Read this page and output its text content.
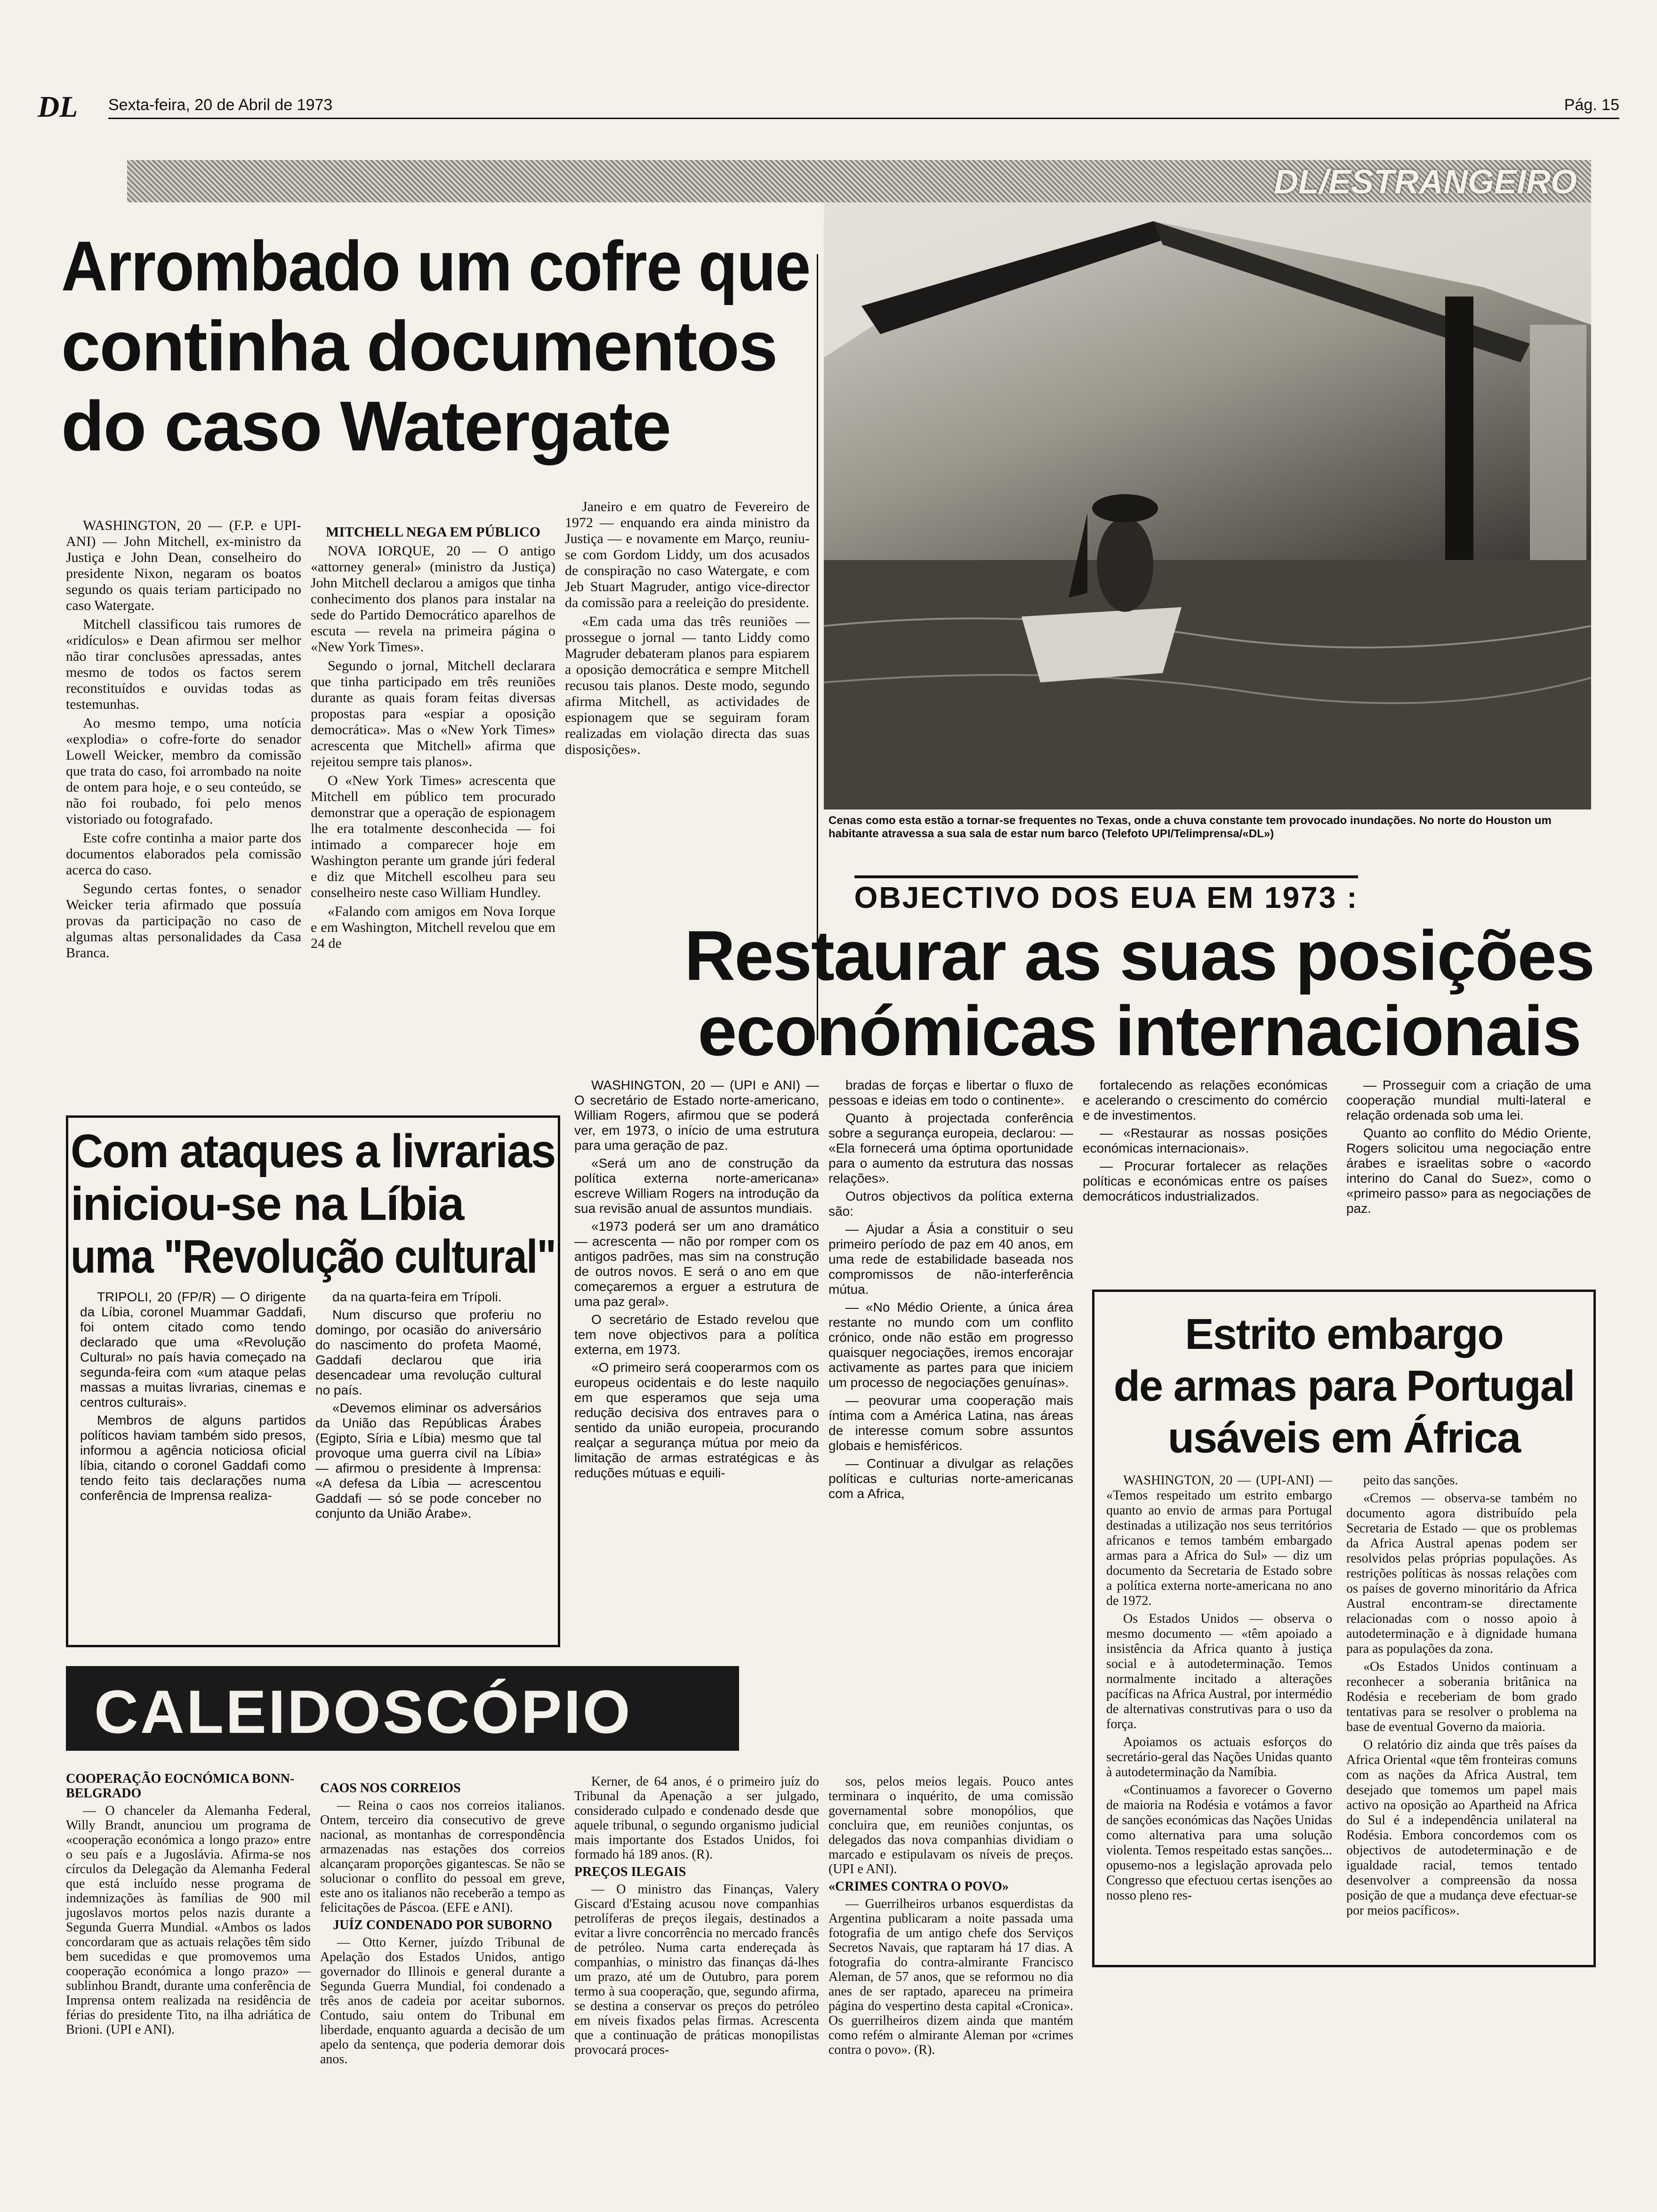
DL Sexta-feira, 20 de Abril de 1973	Pág. 15
DL/ESTRANGEIRO
Arrombado um cofre que continha documentos do caso Watergate

WASHINGTON, 20 — (F.P. e UPI-ANI) — John Mitchell, ex-ministro da Justiça e John Dean, conselheiro do presidente Nixon, negaram os boatos segundo os quais teriam participado no caso Watergate.

Mitchell classificou tais rumores de «ridículos» e Dean afirmou ser melhor não tirar conclusões apressadas, antes mesmo de todos os factos serem reconstituídos e ouvidas todas as testemunhas.

Ao mesmo tempo, uma notícia «explodia» o cofre-forte do senador Lowell Weicker, membro da comissão que trata do caso, foi arrombado na noite de ontem para hoje, e o seu conteúdo, se não foi roubado, foi pelo menos vistoriado ou fotografado.

Este cofre continha a maior parte dos documentos elaborados pela comissão acerca do caso.

Segundo certas fontes, o senador Weicker teria afirmado que possuía provas da participação no caso de algumas altas personalidades da Casa Branca.

MITCHELL NEGA EM PÚBLICO

NOVA IORQUE, 20 — O antigo «attorney general» (ministro da Justiça) John Mitchell declarou a amigos que tinha conhecimento dos planos para instalar na sede do Partido Democrático aparelhos de escuta — revela na primeira página o «New York Times».

Segundo o jornal, Mitchell declarara que tinha participado em três reuniões durante as quais foram feitas diversas propostas para «espiar a oposição democrática». Mas o «New York Times» acrescenta que Mitchell» afirma que rejeitou sempre tais planos».

O «New York Times» acrescenta que Mitchell em público tem procurado demonstrar que a operação de espionagem lhe era totalmente desconhecida — foi intimado a comparecer hoje em Washington perante um grande júri federal e diz que Mitchell escolheu para seu conselheiro neste caso William Hundley.

«Falando com amigos em Nova Iorque e em Washington, Mitchell revelou que em 24 de

Janeiro e em quatro de Fevereiro de 1972 — enquando era ainda ministro da Justiça — e novamente em Março, reuniu-se com Gordom Liddy, um dos acusados de conspiração no caso Watergate, e com Jeb Stuart Magruder, antigo vice-director da comissão para a reeleição do presidente.

«Em cada uma das três reuniões — prossegue o jornal — tanto Liddy como Magruder debateram planos para espiarem a oposição democrática e sempre Mitchell recusou tais planos. Deste modo, segundo afirma Mitchell, as actividades de espionagem que se seguiram foram realizadas em violação directa das suas disposições».

Cenas como esta estão a tornar-se frequentes no Texas, onde a chuva constante tem provocado inundações. No norte do Houston um habitante atravessa a sua sala de estar num barco (Telefoto UPI/Telimprensa/«DL»)
OBJECTIVO DOS EUA EM 1973 :
Restaurar as suas posições económicas internacionais

WASHINGTON, 20 — (UPI e ANI) — O secretário de Estado norte-americano, William Rogers, afirmou que se poderá ver, em 1973, o início de uma estrutura para uma geração de paz.

«Será um ano de construção da política externa norte-americana» escreve William Rogers na introdução da sua revisão anual de assuntos mundiais.

«1973 poderá ser um ano dramático — acrescenta — não por romper com os antigos padrões, mas sim na construção de outros novos. E será o ano em que começaremos a erguer a estrutura de uma paz geral».

O secretário de Estado revelou que tem nove objectivos para a política externa, em 1973.

«O primeiro será cooperarmos com os europeus ocidentais e do leste naquilo em que esperamos que seja uma redução decisiva dos entraves para o sentido da união europeia, procurando realçar a segurança mútua por meio da limitação de armas estratégicas e às reduções mútuas e equili-

bradas de forças e libertar o fluxo de pessoas e ideias em todo o continente».

Quanto à projectada conferência sobre a segurança europeia, declarou: — «Ela fornecerá uma óptima oportunidade para o aumento da estrutura das nossas relações».

Outros objectivos da política externa são:

— Ajudar a Ásia a constituir o seu primeiro período de paz em 40 anos, em uma rede de estabilidade baseada nos compromissos de não-interferência mútua.

— «No Médio Oriente, a única área restante no mundo com um conflito crónico, onde não estão em progresso quaisquer negociações, iremos encorajar activamente as partes para que iniciem um processo de negociações genuínas».

— peovurar uma cooperação mais íntima com a América Latina, nas áreas de interesse comum sobre assuntos globais e hemisféricos.

— Continuar a divulgar as relações políticas e culturias norte-americanas com a Africa,

fortalecendo as relações económicas e acelerando o crescimento do comércio e de investimentos.

— «Restaurar as nossas posições económicas internacionais».

— Procurar fortalecer as relações políticas e económicas entre os países democráticos industrializados.

— Prosseguir com a criação de uma cooperação mundial multi-lateral e relação ordenada sob uma lei.

Quanto ao conflito do Médio Oriente, Rogers solicitou uma negociação entre árabes e israelitas sobre o «acordo interino do Canal do Suez», como o «primeiro passo» para as negociações de paz.

Com ataques a livrarias iniciou-se na Líbia uma "Revolução cultural"

TRIPOLI, 20 (FP/R) — O dirigente da Líbia, coronel Muammar Gaddafi, foi ontem citado como tendo declarado que uma «Revolução Cultural» no país havia começado na segunda-feira com «um ataque pelas massas a muitas livrarias, cinemas e centros culturais».

Membros de alguns partidos políticos haviam também sido presos, informou a agência noticiosa oficial líbia, citando o coronel Gaddafi como tendo feito tais declarações numa conferência de Imprensa realiza-

da na quarta-feira em Trípoli.

Num discurso que proferiu no domingo, por ocasião do aniversário do nascimento do profeta Maomé, Gaddafi declarou que iria desencadear uma revolução cultural no país.

«Devemos eliminar os adversários da União das Repúblicas Árabes (Egipto, Síria e Líbia) mesmo que tal provoque uma guerra civil na Líbia» — afirmou o presidente à Imprensa: «A defesa da Líbia — acrescentou Gaddafi — só se pode conceber no conjunto da União Árabe».

Estrito embargo de armas para Portugal usáveis em África

WASHINGTON, 20 — (UPI-ANI) — «Temos respeitado um estrito embargo quanto ao envio de armas para Portugal destinadas a utilização nos seus territórios africanos e temos também embargado armas para a Africa do Sul» — diz um documento da Secretaria de Estado sobre a política externa norte-americana no ano de 1972.

Os Estados Unidos — observa o mesmo documento — «têm apoiado a insistência da Africa quanto à justiça social e à autodeterminação. Temos normalmente incitado a alterações pacíficas na Africa Austral, por intermédio de alternativas construtivas para o uso da força.

Apoiamos os actuais esforços do secretário-geral das Nações Unidas quanto à autodeterminação da Namíbia.

«Continuamos a favorecer o Governo de maioria na Rodésia e votámos a favor de sanções económicas das Nações Unidas como alternativa para uma solução violenta. Temos respeitado estas sanções... opusemo-nos a legislação aprovada pelo Congresso que efectuou certas isenções ao nosso pleno res-

peito das sanções.

«Cremos — observa-se também no documento agora distribuído pela Secretaria de Estado — que os problemas da Africa Austral apenas podem ser resolvidos pelas próprias populações. As restrições políticas às nossas relações com os países de governo minoritário da Africa Austral encontram-se directamente relacionadas com o nosso apoio à autodeterminação e à dignidade humana para as populações da zona.

«Os Estados Unidos continuam a reconhecer a soberania britânica na Rodésia e receberiam de bom grado tentativas para se resolver o problema na base de eventual Governo da maioria.

O relatório diz ainda que três países da Africa Oriental «que têm fronteiras comuns com as nações da Africa Austral, tem desejado que tomemos um papel mais activo na oposição ao Apartheid na Africa do Sul é a independência unilateral na Rodésia. Embora concordemos com os objectivos de autodeterminação e de igualdade racial, temos tentado desenvolver a compreensão da nossa posição de que a mudança deve efectuar-se por meios pacíficos».

CALEIDOSCÓPIO

COOPERAÇÃO EOCNÓMICA BONN-BELGRADO

— O chanceler da Alemanha Federal, Willy Brandt, anunciou um programa de «cooperação económica a longo prazo» entre o seu país e a Jugoslávia. Afirma-se nos círculos da Delegação da Alemanha Federal que está incluído nesse programa de indemnizações às famílias de 900 mil jugoslavos mortos pelos nazis durante a Segunda Guerra Mundial. «Ambos os lados concordaram que as actuais relações têm sido bem sucedidas e que promovemos uma cooperação económica a longo prazo» — sublinhou Brandt, durante uma conferência de Imprensa ontem realizada na residência de férias do presidente Tito, na ilha adriática de Brioni. (UPI e ANI).

CAOS NOS CORREIOS

— Reina o caos nos correios italianos. Ontem, terceiro dia consecutivo de greve nacional, as montanhas de correspondência armazenadas nas estações dos correios alcançaram proporções gigantescas. Se não se solucionar o conflito do pessoal em greve, este ano os italianos não receberão a tempo as felicitações de Páscoa. (EFE e ANI).

JUÍZ CONDENADO POR SUBORNO

— Otto Kerner, juízdo Tribunal de Apelação dos Estados Unidos, antigo governador do Illinois e general durante a Segunda Guerra Mundial, foi condenado a três anos de cadeia por aceitar subornos. Contudo, saiu ontem do Tribunal em liberdade, enquanto aguarda a decisão de um apelo da sentença, que poderia demorar dois anos.

Kerner, de 64 anos, é o primeiro juíz do Tribunal da Apenação a ser julgado, considerado culpado e condenado desde que aquele tribunal, o segundo organismo judicial mais importante dos Estados Unidos, foi formado há 189 anos. (R).

PREÇOS ILEGAIS

— O ministro das Finanças, Valery Giscard d'Estaing acusou nove companhias petrolíferas de preços ilegais, destinados a evitar a livre concorrência no mercado francês de petróleo. Numa carta endereçada às companhias, o ministro das finanças dá-lhes um prazo, até um de Outubro, para porem termo à sua cooperação, que, segundo afirma, se destina a conservar os preços do petróleo em níveis fixados pelas firmas. Acrescenta que a continuação de práticas monopilistas provocará proces-

sos, pelos meios legais. Pouco antes terminara o inquérito, de uma comissão governamental sobre monopólios, que concluira que, em reuniões conjuntas, os delegados das nova companhias dividiam o marcado e estipulavam os níveis de preços. (UPI e ANI).

«CRIMES CONTRA O POVO»

— Guerrilheiros urbanos esquerdistas da Argentina publicaram a noite passada uma fotografia de um antigo chefe dos Serviços Secretos Navais, que raptaram há 17 dias. A fotografia do contra-almirante Francisco Aleman, de 57 anos, que se reformou no dia anes de ser raptado, apareceu na primeira página do vespertino desta capital «Cronica». Os guerrilheiros dizem ainda que mantém como refém o almirante Aleman por «crimes contra o povo». (R).
